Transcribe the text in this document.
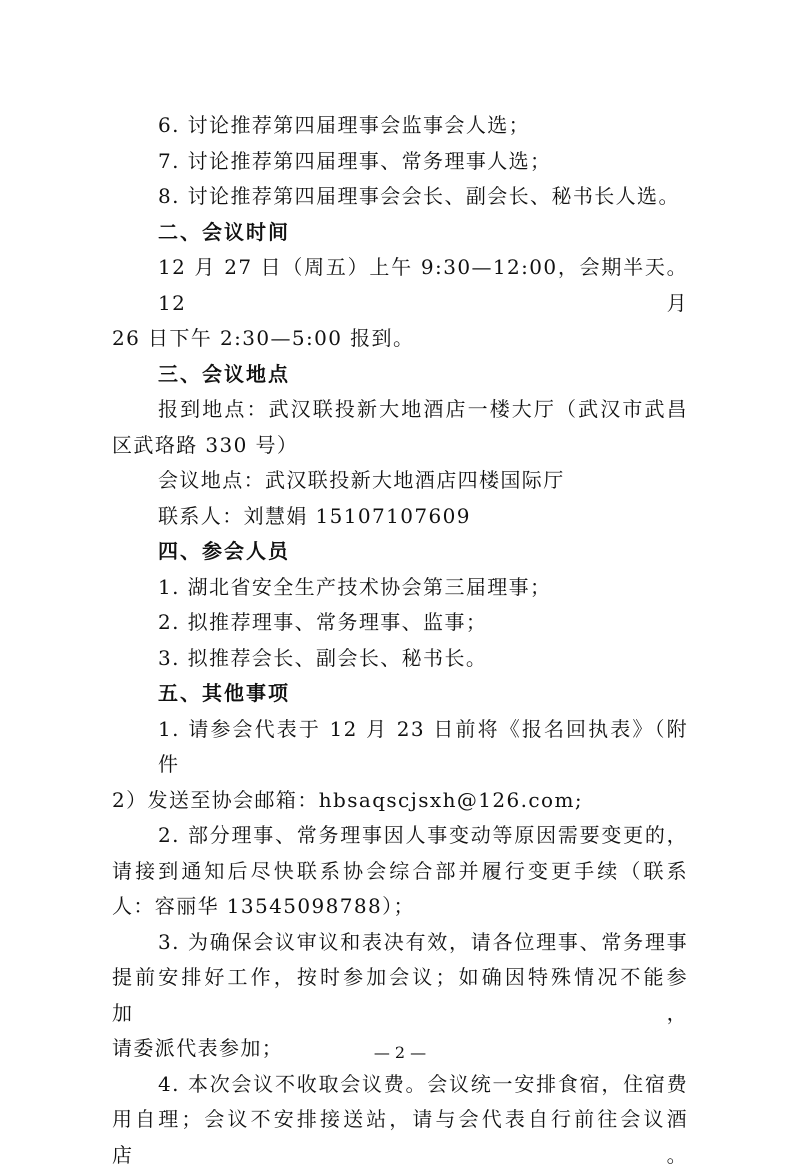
6. 讨论推荐第四届理事会监事会人选；

7. 讨论推荐第四届理事、常务理事人选；

8. 讨论推荐第四届理事会会长、副会长、秘书长人选。

二、会议时间

12 月 27 日（周五）上午 9:30—12:00，会期半天。12 月

26 日下午 2:30—5:00 报到。

三、会议地点

报到地点：武汉联投新大地酒店一楼大厅（武汉市武昌

区武珞路 330 号）

会议地点：武汉联投新大地酒店四楼国际厅

联系人：刘慧娟 15107107609

四、参会人员

1. 湖北省安全生产技术协会第三届理事；

2. 拟推荐理事、常务理事、监事；

3. 拟推荐会长、副会长、秘书长。

五、其他事项

1. 请参会代表于 12 月 23 日前将《报名回执表》（附件

2）发送至协会邮箱：hbsaqscjsxh@126.com;

2. 部分理事、常务理事因人事变动等原因需要变更的，

请接到通知后尽快联系协会综合部并履行变更手续（联系

人：容丽华 13545098788）；

3. 为确保会议审议和表决有效，请各位理事、常务理事

提前安排好工作，按时参加会议；如确因特殊情况不能参加，

请委派代表参加；

4. 本次会议不收取会议费。会议统一安排食宿，住宿费

用自理；会议不安排接送站，请与会代表自行前往会议酒店。

— 2 —
